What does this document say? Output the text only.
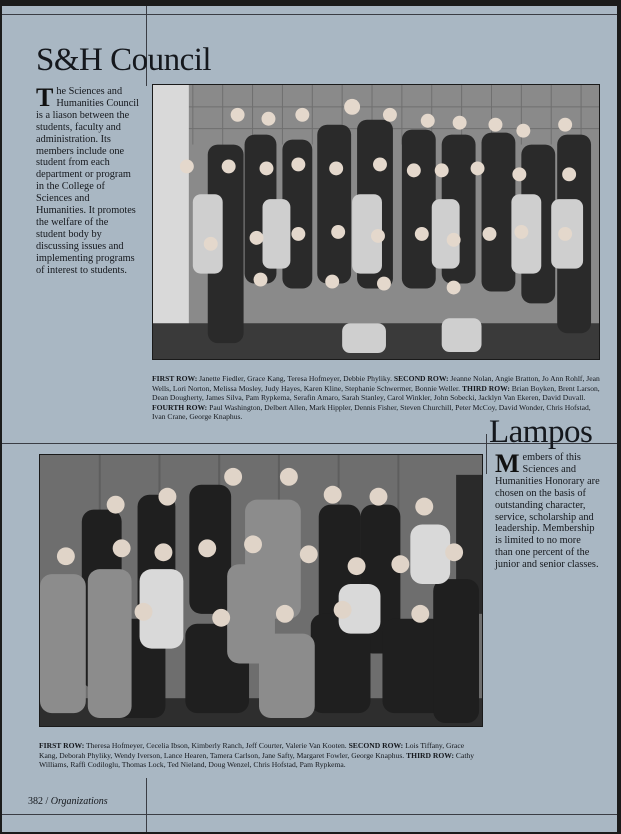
S&H Council
The Sciences and Humanities Council is a liason between the students, faculty and administration. Its members include one student from each department or program in the College of Sciences and Humanities. It promotes the welfare of the student body by discussing issues and implementing programs of interest to students.
FIRST ROW: Janette Fiedler, Grace Kang, Teresa Hofmeyer, Debbie Phyliky. SECOND ROW: Jeanne Nolan, Angie Bratton, Jo Ann Rohlf, Jean Wells, Lori Norton, Melissa Mosley, Judy Hayes, Karen Kline, Stephanie Schwermer, Bonnie Weller. THIRD ROW: Brian Boyken, Brent Larson, Dean Dougherty, James Silva, Pam Rypkema, Serafin Amaro, Sarah Stanley, Carol Winkler, John Sobecki, Jacklyn Van Ekeren, David Duvall. FOURTH ROW: Paul Washington, Delbert Allen, Mark Hippler, Dennis Fisher, Steven Churchill, Peter McCoy, David Wonder, Chris Hofstad, Ivan Crane, George Knaphus.	Lampos
Members of this Sciences and Humanities Honorary are chosen on the basis of outstanding character, service, scholarship and leadership. Membership is limited to no more than one percent of the junior and senior classes.
FIRST ROW: Theresa Hofmeyer, Cecelia Ibson, Kimberly Ranch, Jeff Courter, Valerie Van Kooten. SECOND ROW: Lois Tiffany, Grace Kang, Deborah Phyliky, Wendy Iverson, Lance Hearen, Tamera Carlson, Jane Safty, Margaret Fowler, George Knaphus. THIRD ROW: Cathy Williams, Raffi Codiloglu, Thomas Lock, Ted Nieland, Doug Wenzel, Chris Hofstad, Pam Rypkema.
382 / Organizations
